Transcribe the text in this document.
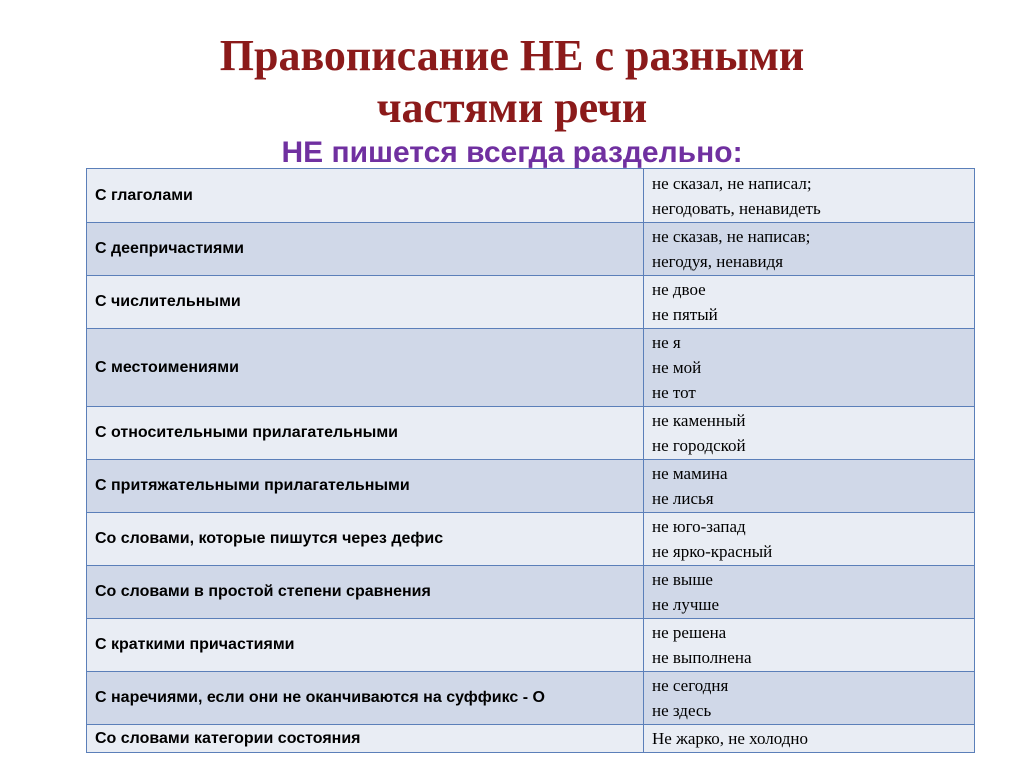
Правописание НЕ с разными
частями речи
НЕ пишется всегда раздельно:
С глаголами	не сказал, не написал;
негодовать, ненавидеть

С деепричастиями	не сказав, не написав;
негодуя, ненавидя

С числительными	не двое
не пятый

С местоимениями	не я
не мой
не тот

С относительными прилагательными	не каменный
не городской

С притяжательными прилагательными	не мамина
не лисья

Со словами, которые пишутся через дефис	не юго-запад
не ярко-красный

Со словами в простой степени сравнения	не выше
не лучше

С краткими причастиями	не решена
не выполнена

С наречиями, если они не оканчиваются на суффикс - О	не сегодня
не здесь

Со словами категории состояния	Не жарко, не холодно
